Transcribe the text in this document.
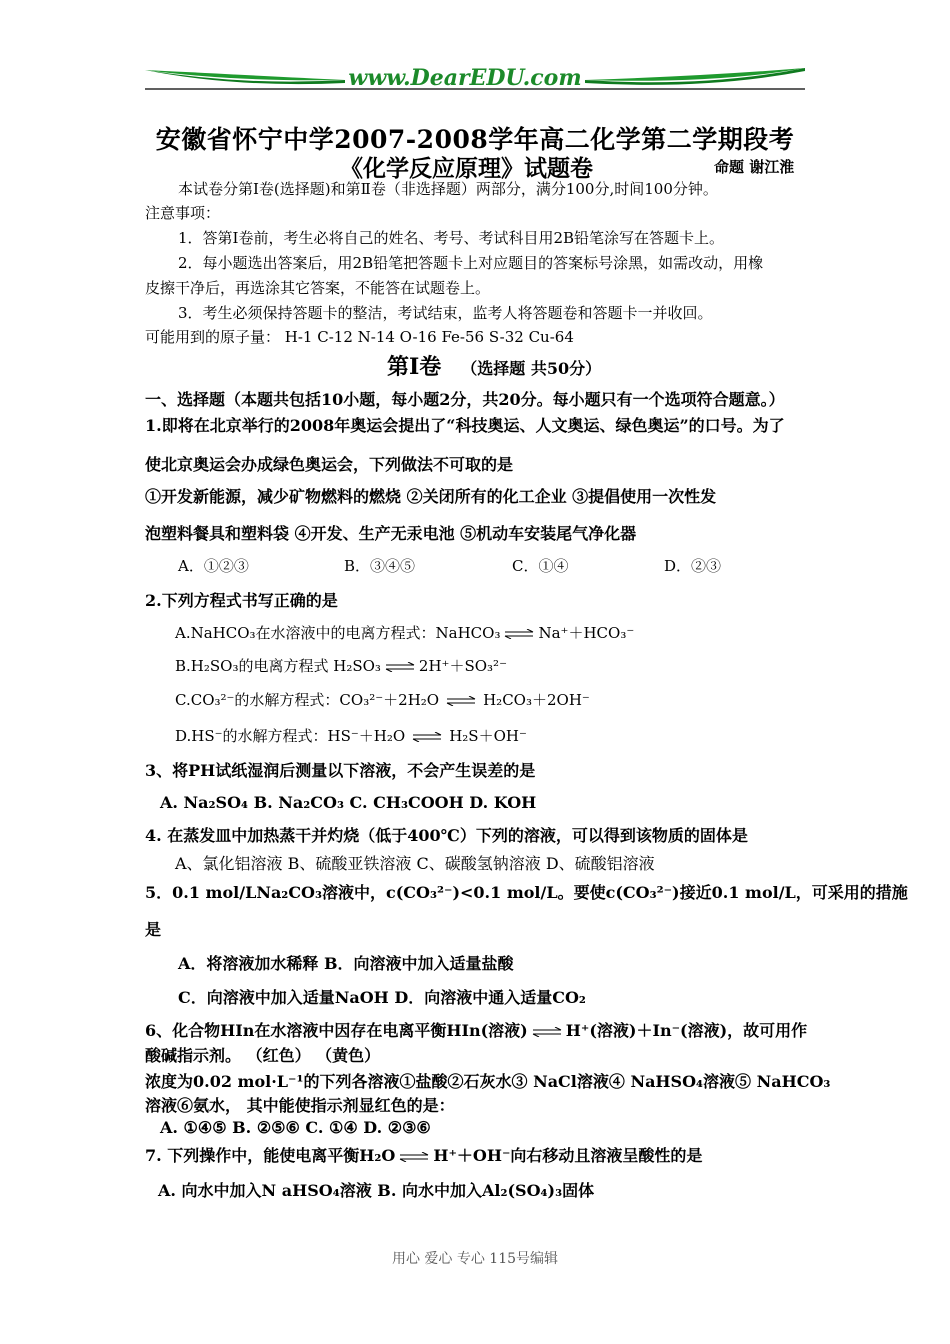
www.DearEDU.com
安徽省怀宁中学2007-2008学年高二化学第二学期段考
《化学反应原理》试题卷	命题 谢江淮
本试卷分第Ⅰ卷(选择题)和第Ⅱ卷（非选择题）两部分，满分100分,时间100分钟。
注意事项：
1．答第Ⅰ卷前，考生必将自己的姓名、考号、考试科目用2B铅笔涂写在答题卡上。
2．每小题选出答案后，用2B铅笔把答题卡上对应题目的答案标号涂黑，如需改动，用橡
皮擦干净后，再选涂其它答案，不能答在试题卷上。
3．考生必须保持答题卡的整洁，考试结束，监考人将答题卷和答题卡一并收回。
可能用到的原子量： H-1 C-12 N-14 O-16 Fe-56 S-32 Cu-64
第Ⅰ卷 （选择题 共50分）
一、选择题（本题共包括10小题，每小题2分，共20分。每小题只有一个选项符合题意。）
1.即将在北京举行的2008年奥运会提出了“科技奥运、人文奥运、绿色奥运”的口号。为了
使北京奥运会办成绿色奥运会，下列做法不可取的是
①开发新能源，减少矿物燃料的燃烧 ②关闭所有的化工企业 ③提倡使用一次性发
泡塑料餐具和塑料袋 ④开发、生产无汞电池 ⑤机动车安装尾气净化器
A．①②③	B．③④⑤	C．①④	D．②③
2.下列方程式书写正确的是
A.NaHCO₃在水溶液中的电离方程式：NaHCO₃ ⇌ Na⁺＋HCO₃⁻
B.H₂SO₃的电离方程式 H₂SO₃ ⇌ 2H⁺＋SO₃²⁻
C.CO₃²⁻的水解方程式：CO₃²⁻＋2H₂O ⇌ H₂CO₃＋2OH⁻
D.HS⁻的水解方程式：HS⁻＋H₂O ⇌ H₂S＋OH⁻
3、将PH试纸湿润后测量以下溶液，不会产生误差的是
A. Na₂SO₄ B. Na₂CO₃ C. CH₃COOH D. KOH
4. 在蒸发皿中加热蒸干并灼烧（低于400℃）下列的溶液，可以得到该物质的固体是
A、氯化铝溶液 B、硫酸亚铁溶液 C、碳酸氢钠溶液 D、硫酸铝溶液
5．0.1 mol/LNa₂CO₃溶液中，c(CO₃²⁻)<0.1 mol/L。要使c(CO₃²⁻)接近0.1 mol/L，可采用的措施
是
A．将溶液加水稀释 B．向溶液中加入适量盐酸
C．向溶液中加入适量NaOH D．向溶液中通入适量CO₂
6、化合物HIn在水溶液中因存在电离平衡HIn(溶液) ⇌ H⁺(溶液)＋In⁻(溶液)，故可用作
酸碱指示剂。 （红色） （黄色）
浓度为0.02 mol·L⁻¹的下列各溶液①盐酸②石灰水③ NaCl溶液④ NaHSO₄溶液⑤ NaHCO₃
溶液⑥氨水， 其中能使指示剂显红色的是：
A. ①④⑤ B. ②⑤⑥ C. ①④ D. ②③⑥
7. 下列操作中，能使电离平衡H₂O ⇌ H⁺＋OH⁻向右移动且溶液呈酸性的是
A. 向水中加入N aHSO₄溶液 B. 向水中加入Al₂(SO₄)₃固体
用心 爱心 专心 115号编辑
